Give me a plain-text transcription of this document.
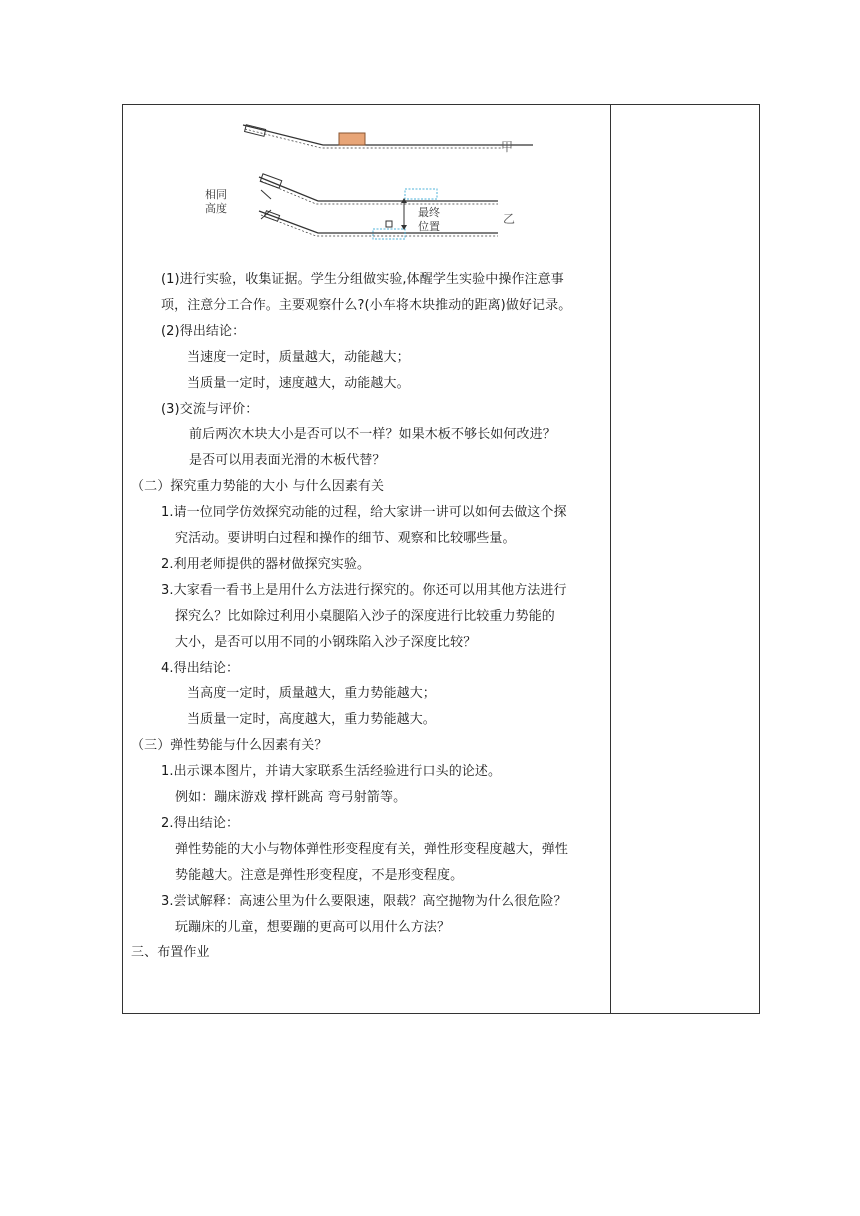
甲
相同
高度	最终
位置
乙
(1)进行实验，收集证据。学生分组做实验,体醒学生实验中操作注意事
项，注意分工合作。主要观察什么?(小车将木块推动的距离)做好记录。
(2)得出结论：
当速度一定时，质量越大，动能越大；
当质量一定时，速度越大，动能越大。
(3)交流与评价：
前后两次木块大小是否可以不一样？如果木板不够长如何改进？
是否可以用表面光滑的木板代替？
（二）探究重力势能的大小 与什么因素有关
1.请一位同学仿效探究动能的过程，给大家讲一讲可以如何去做这个探
究活动。要讲明白过程和操作的细节、观察和比较哪些量。
2.利用老师提供的器材做探究实验。
3.大家看一看书上是用什么方法进行探究的。你还可以用其他方法进行
探究么？比如除过利用小桌腿陷入沙子的深度进行比较重力势能的
大小，是否可以用不同的小钢珠陷入沙子深度比较？
4.得出结论：
当高度一定时，质量越大，重力势能越大；
当质量一定时，高度越大，重力势能越大。
（三）弹性势能与什么因素有关？
1.出示课本图片，并请大家联系生活经验进行口头的论述。
例如：蹦床游戏 撑杆跳高 弯弓射箭等。
2.得出结论：
弹性势能的大小与物体弹性形变程度有关，弹性形变程度越大，弹性
势能越大。注意是弹性形变程度，不是形变程度。
3.尝试解释：高速公里为什么要限速，限载？高空抛物为什么很危险？
玩蹦床的儿童，想要蹦的更高可以用什么方法？
三、布置作业
